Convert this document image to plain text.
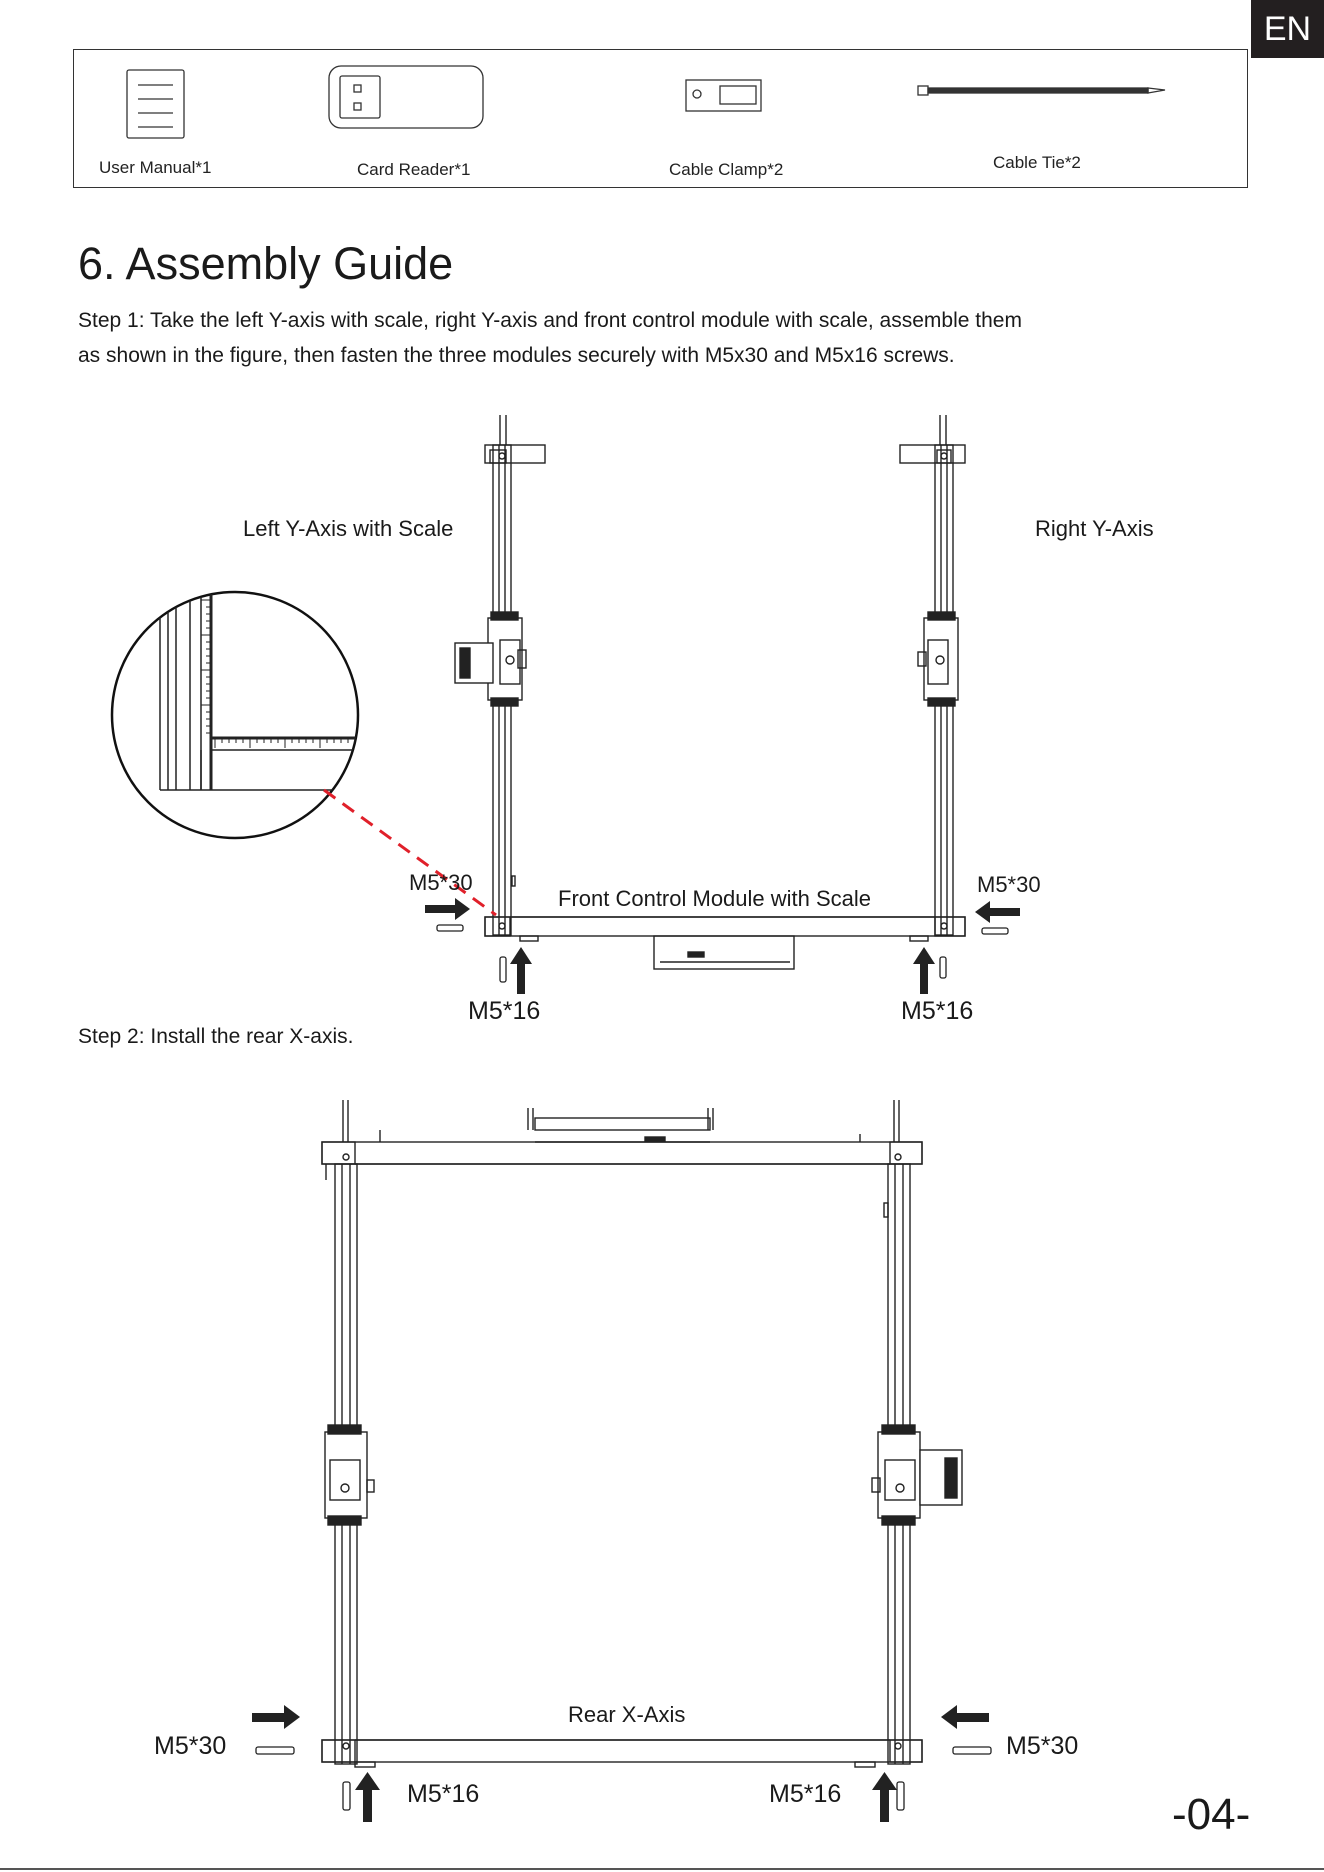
EN
User Manual*1	Card Reader*1	Cable Clamp*2	Cable Tie*2
6. Assembly Guide
Step 1: Take the left Y-axis with scale, right Y-axis and front control module with scale, assemble them
as shown in the figure, then fasten the three modules securely with M5x30 and M5x16 screws.
Left Y-Axis with Scale	Right Y-Axis
Front Control Module with Scale
M5*30	M5*30
M5*16	M5*16
Step 2: Install the rear X-axis.
Rear X-Axis
M5*30	M5*30
M5*16	M5*16	-04-
